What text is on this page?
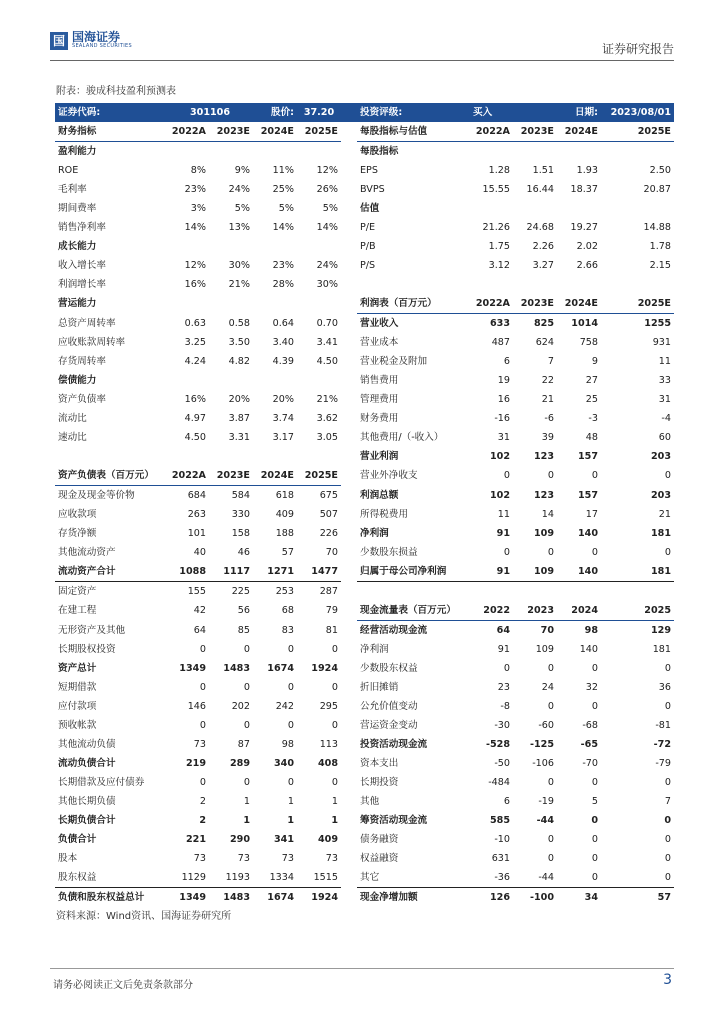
国 国海证券
SEALAND SECURITIES	证券研究报告
附表：骏成科技盈利预测表
证券代码:	301106		股价:	37.20		投资评级:	买入		日期:	2023/08/01
财务指标	2022A	2023E	2024E	2025E		每股指标与估值	2022A	2023E	2024E	2025E
盈利能力						每股指标				
ROE	8%	9%	11%	12%		EPS	1.28	1.51	1.93	2.50
毛利率	23%	24%	25%	26%		BVPS	15.55	16.44	18.37	20.87
期间费率	3%	5%	5%	5%		估值				
销售净利率	14%	13%	14%	14%		P/E	21.26	24.68	19.27	14.88
成长能力						P/B	1.75	2.26	2.02	1.78
收入增长率	12%	30%	23%	24%		P/S	3.12	3.27	2.66	2.15
利润增长率	16%	21%	28%	30%						
营运能力						利润表（百万元）	2022A	2023E	2024E	2025E
总资产周转率	0.63	0.58	0.64	0.70		营业收入	633	825	1014	1255
应收账款周转率	3.25	3.50	3.40	3.41		营业成本	487	624	758	931
存货周转率	4.24	4.82	4.39	4.50		营业税金及附加	6	7	9	11
偿债能力						销售费用	19	22	27	33
资产负债率	16%	20%	20%	21%		管理费用	16	21	25	31
流动比	4.97	3.87	3.74	3.62		财务费用	-16	-6	-3	-4
速动比	4.50	3.31	3.17	3.05		其他费用/（-收入）	31	39	48	60
						营业利润	102	123	157	203
资产负债表（百万元）	2022A	2023E	2024E	2025E		营业外净收支	0	0	0	0
现金及现金等价物	684	584	618	675		利润总额	102	123	157	203
应收款项	263	330	409	507		所得税费用	11	14	17	21
存货净额	101	158	188	226		净利润	91	109	140	181
其他流动资产	40	46	57	70		少数股东损益	0	0	0	0
流动资产合计	1088	1117	1271	1477		归属于母公司净利润	91	109	140	181
固定资产	155	225	253	287						
在建工程	42	56	68	79		现金流量表（百万元）	2022	2023	2024	2025
无形资产及其他	64	85	83	81		经营活动现金流	64	70	98	129
长期股权投资	0	0	0	0		净利润	91	109	140	181
资产总计	1349	1483	1674	1924		少数股东权益	0	0	0	0
短期借款	0	0	0	0		折旧摊销	23	24	32	36
应付款项	146	202	242	295		公允价值变动	-8	0	0	0
预收帐款	0	0	0	0		营运资金变动	-30	-60	-68	-81
其他流动负债	73	87	98	113		投资活动现金流	-528	-125	-65	-72
流动负债合计	219	289	340	408		资本支出	-50	-106	-70	-79
长期借款及应付债券	0	0	0	0		长期投资	-484	0	0	0
其他长期负债	2	1	1	1		其他	6	-19	5	7
长期负债合计	2	1	1	1		筹资活动现金流	585	-44	0	0
负债合计	221	290	341	409		债务融资	-10	0	0	0
股本	73	73	73	73		权益融资	631	0	0	0
股东权益	1129	1193	1334	1515		其它	-36	-44	0	0
负债和股东权益总计	1349	1483	1674	1924		现金净增加额	126	-100	34	57
资料来源：Wind资讯、国海证券研究所
请务必阅读正文后免责条款部分	3
